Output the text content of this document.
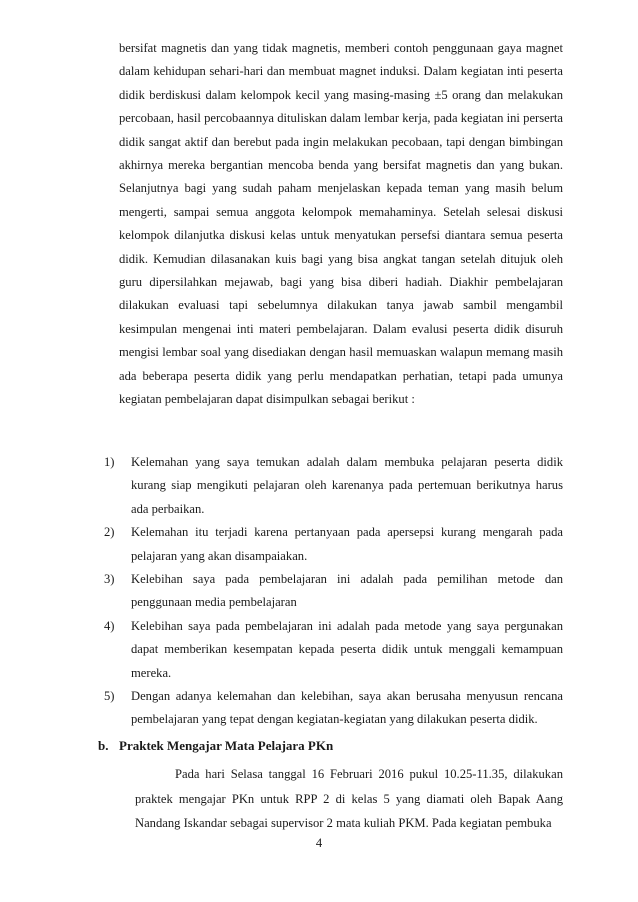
bersifat magnetis dan yang tidak magnetis, memberi contoh penggunaan gaya magnet dalam kehidupan sehari-hari dan membuat magnet induksi. Dalam kegiatan inti peserta didik berdiskusi dalam kelompok kecil yang masing-masing ±5 orang dan melakukan percobaan, hasil percobaannya dituliskan dalam lembar kerja, pada kegiatan ini perserta didik sangat aktif dan berebut pada ingin melakukan pecobaan, tapi dengan bimbingan akhirnya mereka bergantian mencoba benda yang bersifat magnetis dan yang bukan. Selanjutnya bagi yang sudah paham menjelaskan kepada teman yang masih belum mengerti, sampai semua anggota kelompok memahaminya. Setelah selesai diskusi kelompok dilanjutka diskusi kelas untuk menyatukan persefsi diantara semua peserta didik. Kemudian dilasanakan kuis bagi yang bisa angkat tangan setelah ditujuk oleh guru dipersilahkan mejawab, bagi yang bisa diberi hadiah. Diakhir pembelajaran dilakukan evaluasi tapi sebelumnya dilakukan tanya jawab sambil mengambil kesimpulan mengenai inti materi pembelajaran. Dalam evalusi peserta didik disuruh mengisi lembar soal yang disediakan dengan hasil memuaskan walapun memang masih ada beberapa peserta didik yang perlu mendapatkan perhatian, tetapi pada umunya kegiatan pembelajaran dapat disimpulkan sebagai berikut :
1) Kelemahan yang saya temukan adalah dalam membuka pelajaran peserta didik kurang siap mengikuti pelajaran oleh karenanya pada pertemuan berikutnya harus ada perbaikan.
2) Kelemahan itu terjadi karena pertanyaan pada apersepsi kurang mengarah pada pelajaran yang akan disampaiakan.
3) Kelebihan saya pada pembelajaran ini adalah pada pemilihan metode dan penggunaan media pembelajaran
4) Kelebihan saya pada pembelajaran ini adalah pada metode yang saya pergunakan dapat memberikan kesempatan kepada peserta didik untuk menggali kemampuan mereka.
5) Dengan adanya kelemahan dan kelebihan, saya akan berusaha menyusun rencana pembelajaran yang tepat dengan kegiatan-kegiatan yang dilakukan peserta didik.
b. Praktek Mengajar Mata Pelajara PKn
Pada hari Selasa tanggal 16 Februari 2016 pukul 10.25-11.35, dilakukan praktek mengajar PKn untuk RPP 2 di kelas 5 yang diamati oleh Bapak Aang Nandang Iskandar sebagai supervisor 2 mata kuliah PKM. Pada kegiatan pembuka
4
